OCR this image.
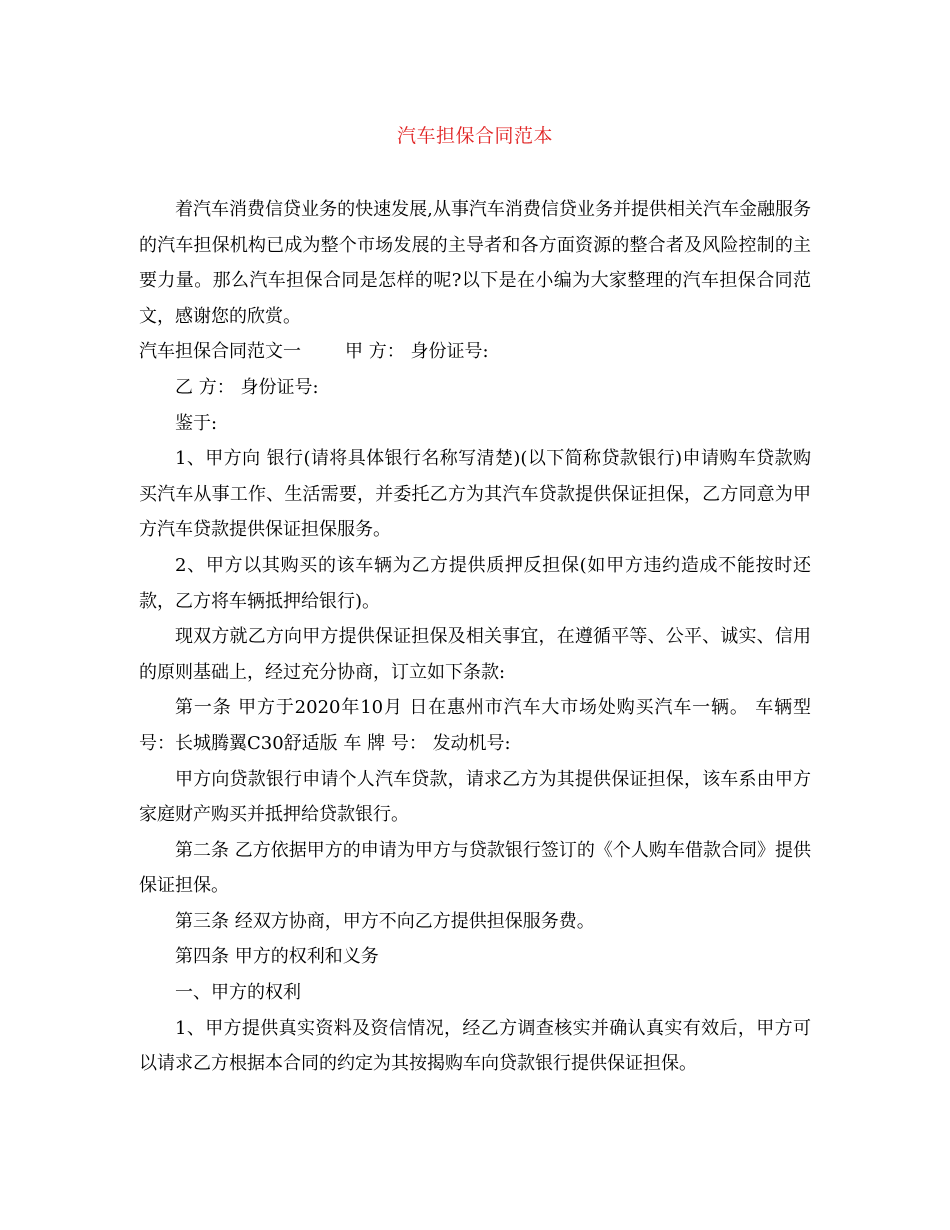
汽车担保合同范本

着汽车消费信贷业务的快速发展,从事汽车消费信贷业务并提供相关汽车金融服务的汽车担保机构已成为整个市场发展的主导者和各方面资源的整合者及风险控制的主要力量。那么汽车担保合同是怎样的呢?以下是在小编为大家整理的汽车担保合同范文，感谢您的欣赏。

汽车担保合同范文一 甲 方： 身份证号:

乙 方： 身份证号:

鉴于:

1、甲方向 银行(请将具体银行名称写清楚)(以下简称贷款银行)申请购车贷款购买汽车从事工作、生活需要，并委托乙方为其汽车贷款提供保证担保，乙方同意为甲方汽车贷款提供保证担保服务。

2、甲方以其购买的该车辆为乙方提供质押反担保(如甲方违约造成不能按时还款，乙方将车辆抵押给银行)。

现双方就乙方向甲方提供保证担保及相关事宜，在遵循平等、公平、诚实、信用的原则基础上，经过充分协商，订立如下条款:

第一条 甲方于2020年10月 日在惠州市汽车大市场处购买汽车一辆。 车辆型号：长城腾翼C30舒适版 车 牌 号： 发动机号:

甲方向贷款银行申请个人汽车贷款，请求乙方为其提供保证担保，该车系由甲方家庭财产购买并抵押给贷款银行。

第二条 乙方依据甲方的申请为甲方与贷款银行签订的《个人购车借款合同》提供保证担保。

第三条 经双方协商，甲方不向乙方提供担保服务费。

第四条 甲方的权利和义务

一、甲方的权利

1、甲方提供真实资料及资信情况，经乙方调查核实并确认真实有效后，甲方可以请求乙方根据本合同的约定为其按揭购车向贷款银行提供保证担保。
